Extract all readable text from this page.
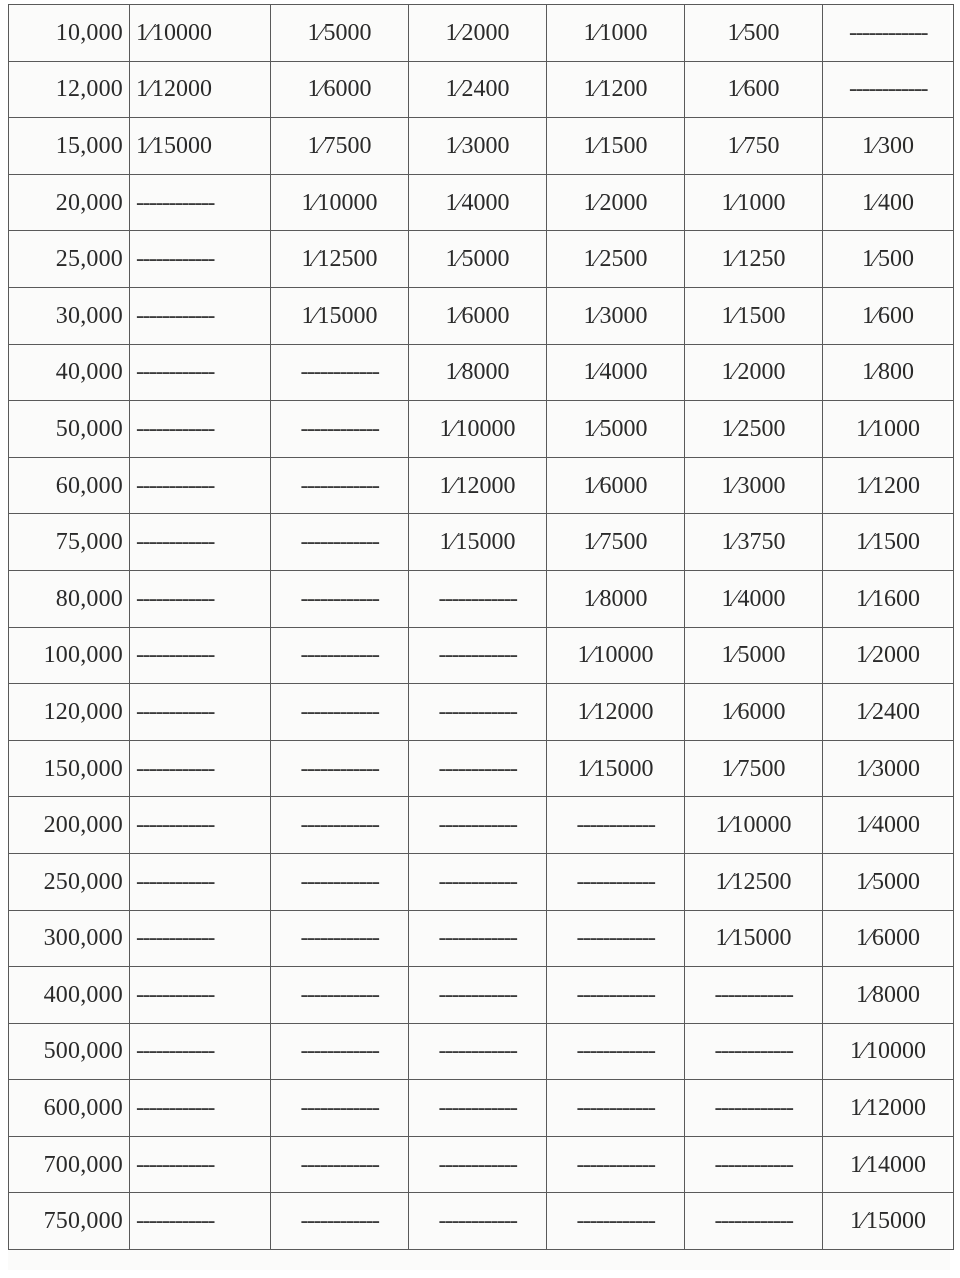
10,000	1⁄10000	1⁄5000	1⁄2000	1⁄1000	1⁄500	------------
12,000	1⁄12000	1⁄6000	1⁄2400	1⁄1200	1⁄600	------------
15,000	1⁄15000	1⁄7500	1⁄3000	1⁄1500	1⁄750	1⁄300
20,000	------------	1⁄10000	1⁄4000	1⁄2000	1⁄1000	1⁄400
25,000	------------	1⁄12500	1⁄5000	1⁄2500	1⁄1250	1⁄500
30,000	------------	1⁄15000	1⁄6000	1⁄3000	1⁄1500	1⁄600
40,000	------------	------------	1⁄8000	1⁄4000	1⁄2000	1⁄800
50,000	------------	------------	1⁄10000	1⁄5000	1⁄2500	1⁄1000
60,000	------------	------------	1⁄12000	1⁄6000	1⁄3000	1⁄1200
75,000	------------	------------	1⁄15000	1⁄7500	1⁄3750	1⁄1500
80,000	------------	------------	------------	1⁄8000	1⁄4000	1⁄1600
100,000	------------	------------	------------	1⁄10000	1⁄5000	1⁄2000
120,000	------------	------------	------------	1⁄12000	1⁄6000	1⁄2400
150,000	------------	------------	------------	1⁄15000	1⁄7500	1⁄3000
200,000	------------	------------	------------	------------	1⁄10000	1⁄4000
250,000	------------	------------	------------	------------	1⁄12500	1⁄5000
300,000	------------	------------	------------	------------	1⁄15000	1⁄6000
400,000	------------	------------	------------	------------	------------	1⁄8000
500,000	------------	------------	------------	------------	------------	1⁄10000
600,000	------------	------------	------------	------------	------------	1⁄12000
700,000	------------	------------	------------	------------	------------	1⁄14000
750,000	------------	------------	------------	------------	------------	1⁄15000
